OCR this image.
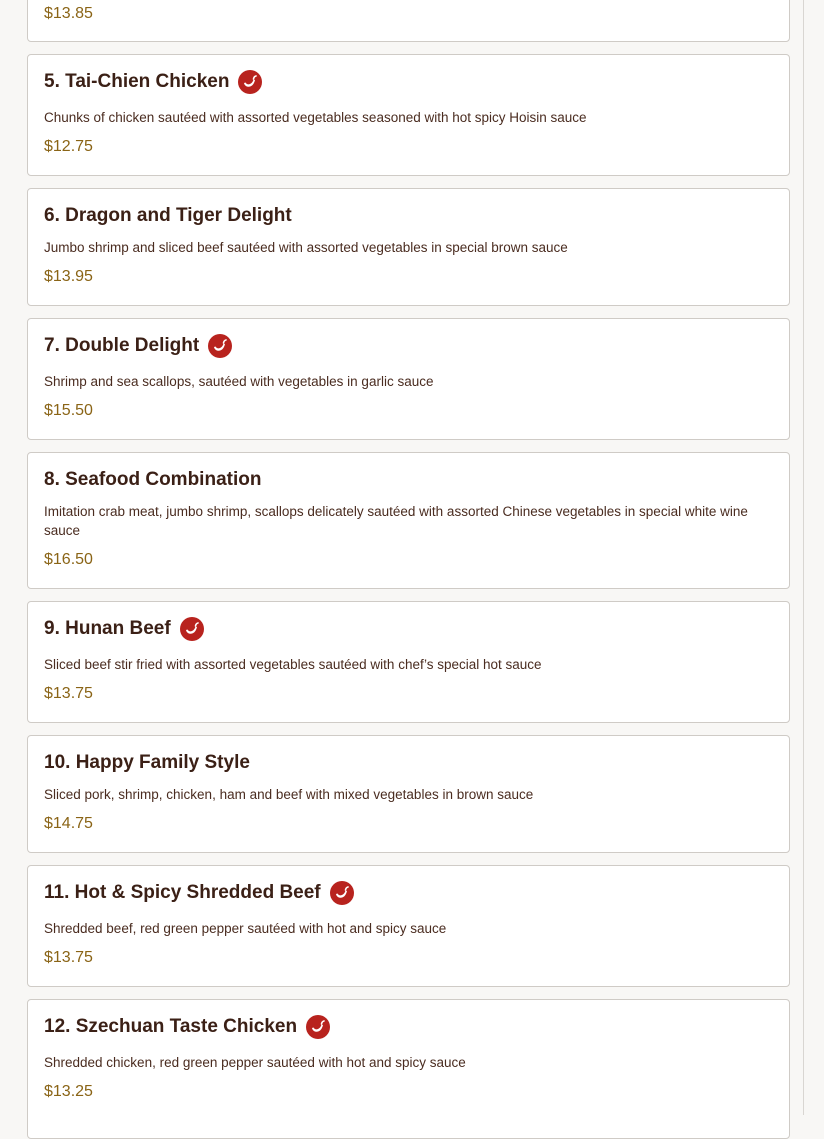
$13.85
5. Tai-Chien Chicken
Chunks of chicken sautéed with assorted vegetables seasoned with hot spicy Hoisin sauce
$12.75
6. Dragon and Tiger Delight
Jumbo shrimp and sliced beef sautéed with assorted vegetables in special brown sauce
$13.95
7. Double Delight
Shrimp and sea scallops, sautéed with vegetables in garlic sauce
$15.50
8. Seafood Combination
Imitation crab meat, jumbo shrimp, scallops delicately sautéed with assorted Chinese vegetables in special white wine sauce
$16.50
9. Hunan Beef
Sliced beef stir fried with assorted vegetables sautéed with chef’s special hot sauce
$13.75
10. Happy Family Style
Sliced pork, shrimp, chicken, ham and beef with mixed vegetables in brown sauce
$14.75
11. Hot & Spicy Shredded Beef
Shredded beef, red green pepper sautéed with hot and spicy sauce
$13.75
12. Szechuan Taste Chicken
Shredded chicken, red green pepper sautéed with hot and spicy sauce
$13.25
